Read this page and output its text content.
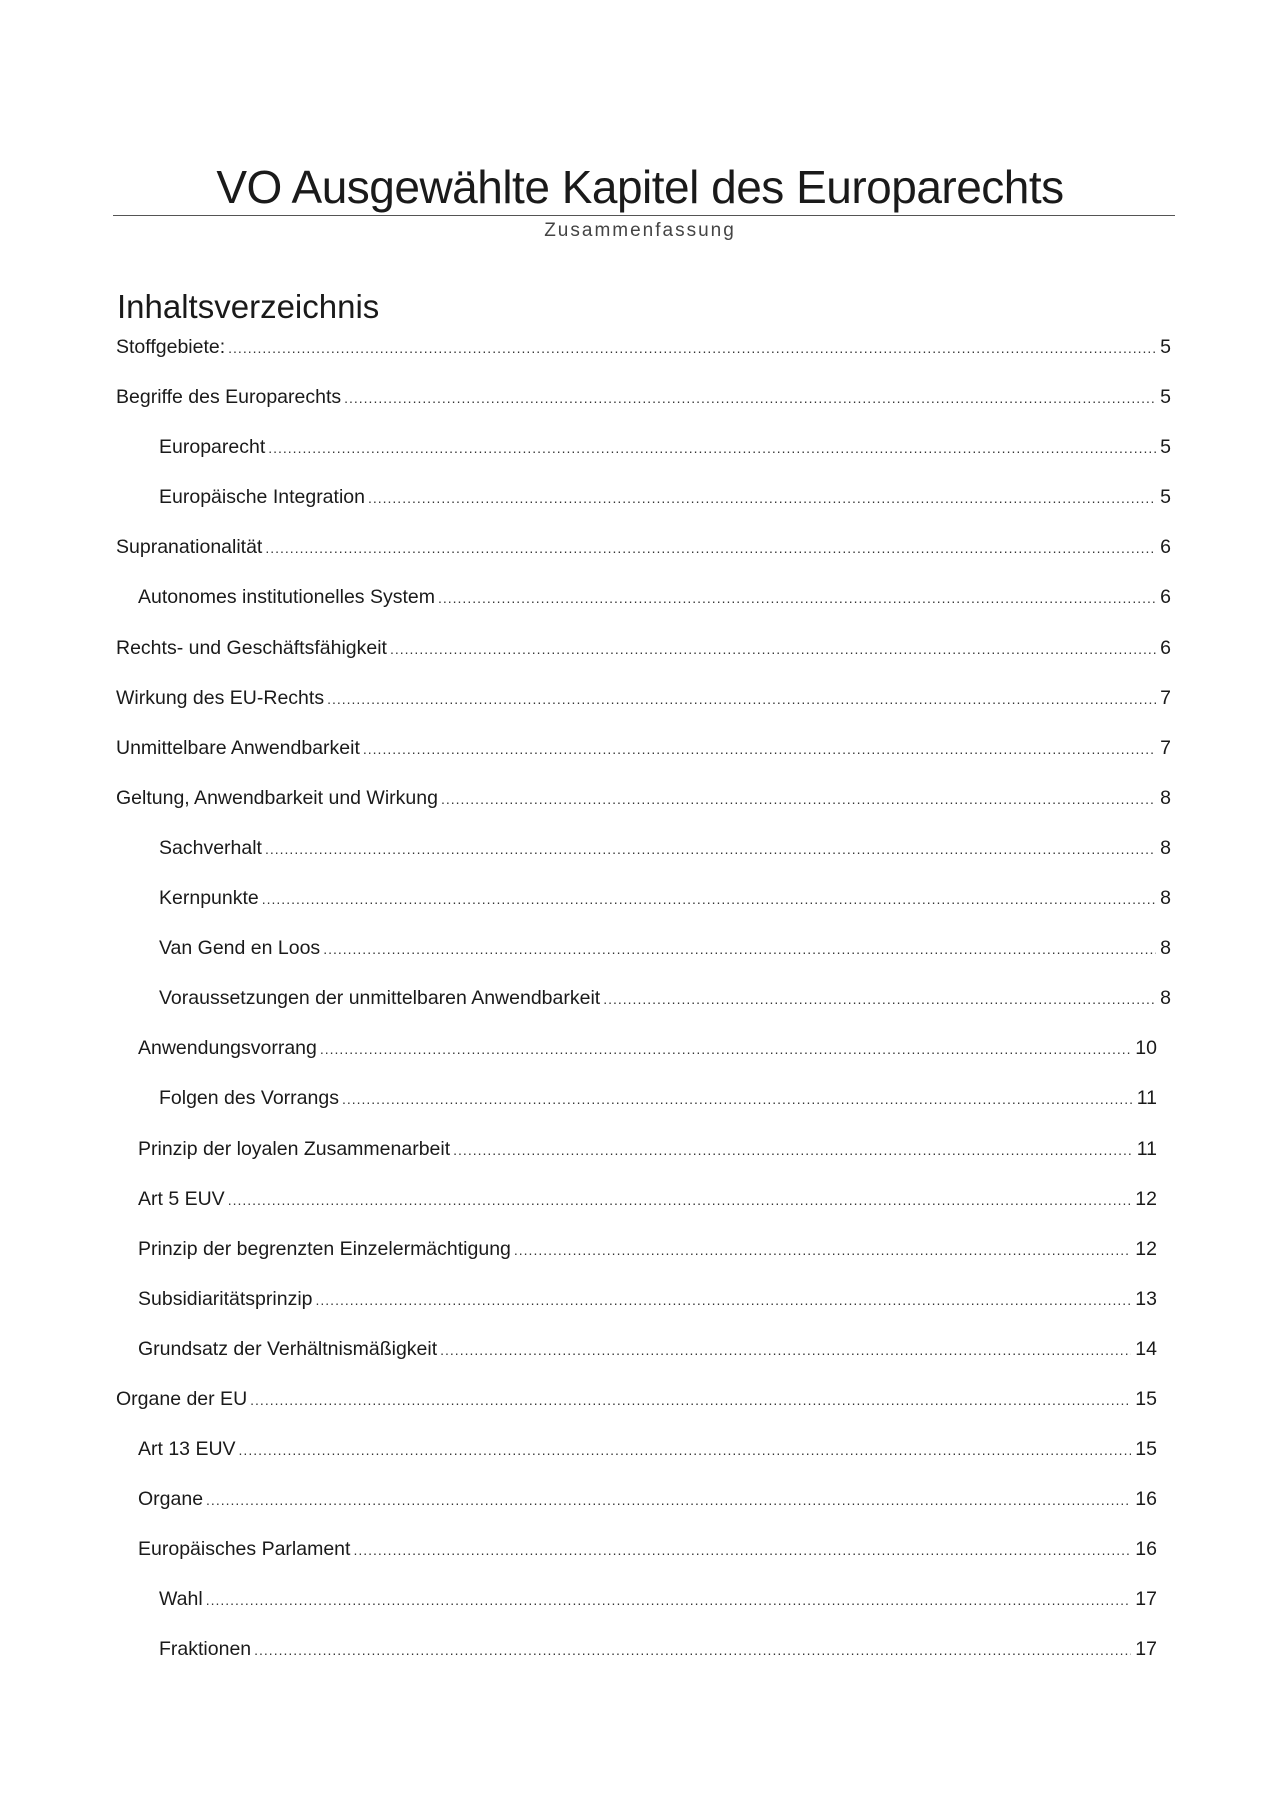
VO Ausgewählte Kapitel des Europarechts
Zusammenfassung
Inhaltsverzeichnis
Stoffgebiete: .....	5
Begriffe des Europarechts .....	5
Europarecht .....	5
Europäische Integration .....	5
Supranationalität .....	6
Autonomes institutionelles System .....	6
Rechts- und Geschäftsfähigkeit .....	6
Wirkung des EU-Rechts .....	7
Unmittelbare Anwendbarkeit .....	7
Geltung, Anwendbarkeit und Wirkung .....	8
Sachverhalt .....	8
Kernpunkte .....	8
Van Gend en Loos .....	8
Voraussetzungen der unmittelbaren Anwendbarkeit .....	8
Anwendungsvorrang .....	10
Folgen des Vorrangs .....	11
Prinzip der loyalen Zusammenarbeit .....	11
Art 5 EUV .....	12
Prinzip der begrenzten Einzelermächtigung .....	12
Subsidiaritätsprinzip .....	13
Grundsatz der Verhältnismäßigkeit .....	14
Organe der EU .....	15
Art 13 EUV .....	15
Organe .....	16
Europäisches Parlament .....	16
Wahl .....	17
Fraktionen .....	17
